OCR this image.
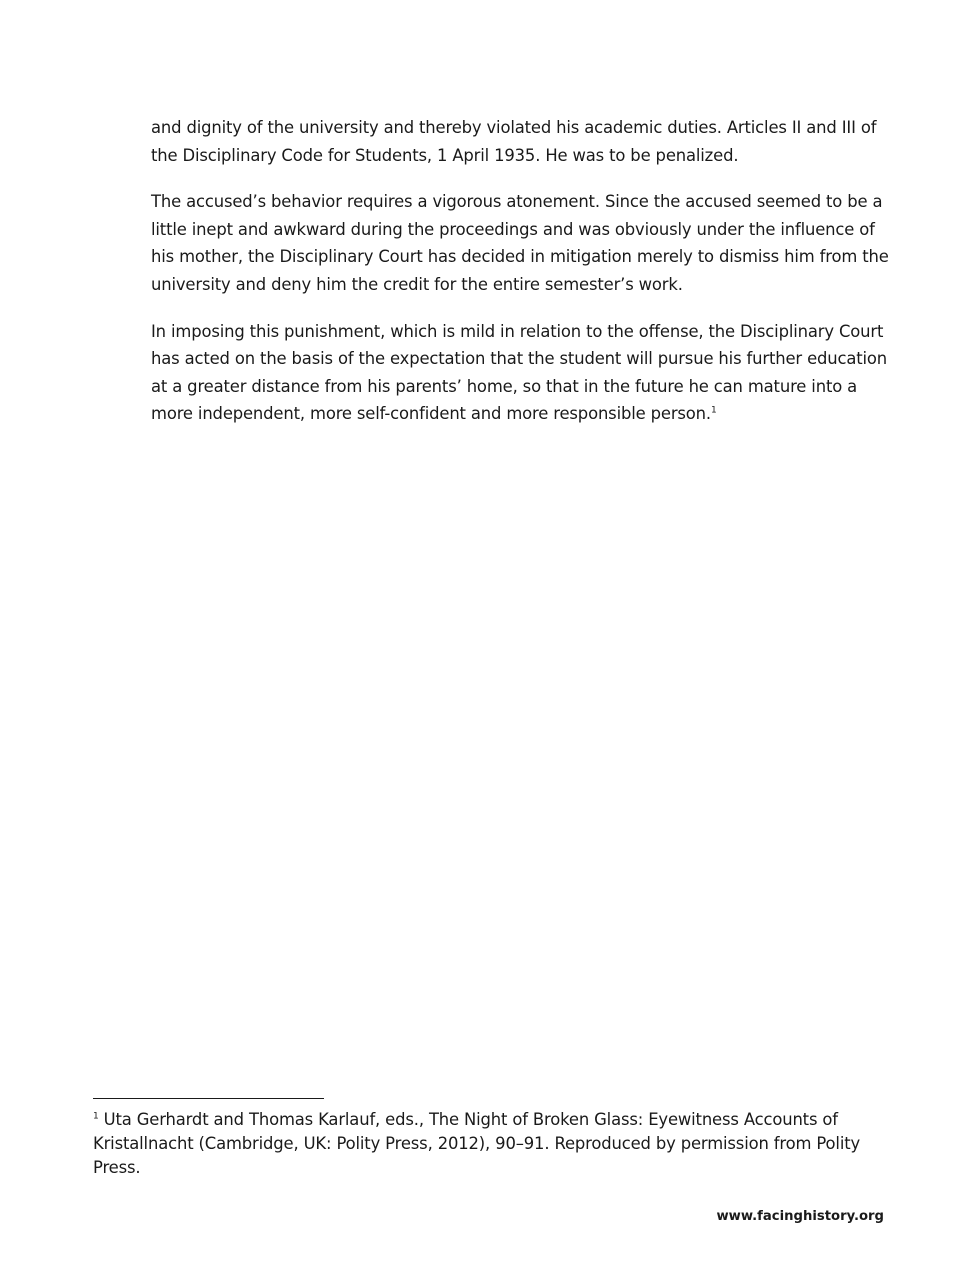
and dignity of the university and thereby violated his academic duties. Articles II and III of the Disciplinary Code for Students, 1 April 1935. He was to be penalized.

The accused’s behavior requires a vigorous atonement. Since the accused seemed to be a little inept and awkward during the proceedings and was obviously under the influence of his mother, the Disciplinary Court has decided in mitigation merely to dismiss him from the university and deny him the credit for the entire semester’s work.

In imposing this punishment, which is mild in relation to the offense, the Disciplinary Court has acted on the basis of the expectation that the student will pursue his further education at a greater distance from his parents’ home, so that in the future he can mature into a more independent, more self-confident and more responsible person.$^1$

$^1$ Uta Gerhardt and Thomas Karlauf, eds., The Night of Broken Glass: Eyewitness Accounts of Kristallnacht (Cambridge, UK: Polity Press, 2012), 90–91. Reproduced by permission from Polity Press.

www.facinghistory.org
